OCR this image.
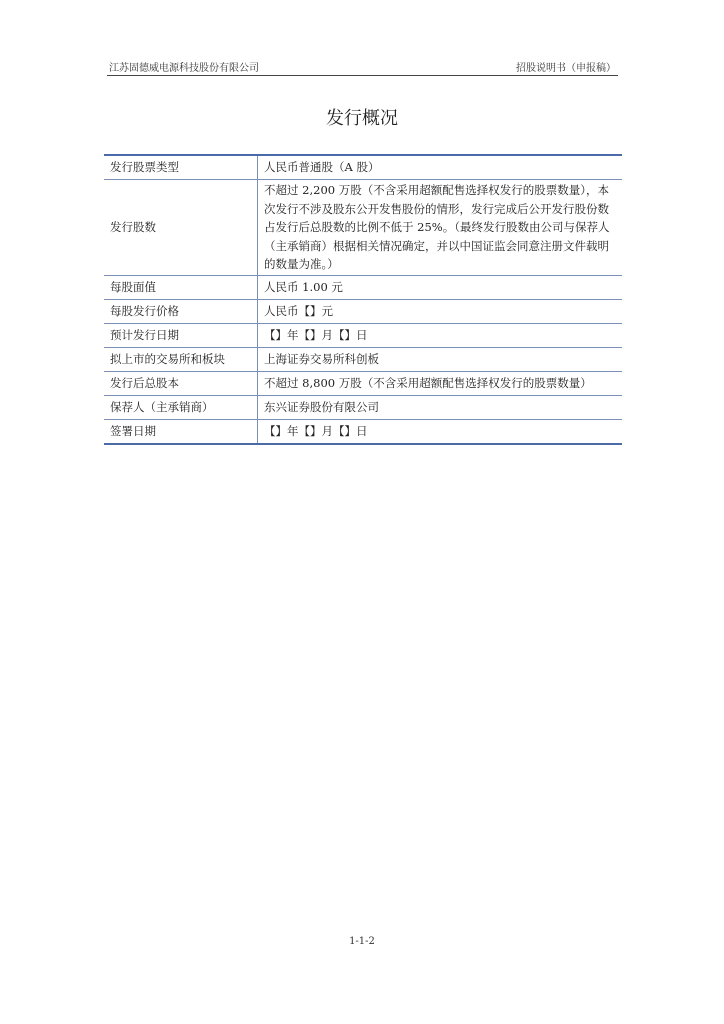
江苏固德威电源科技股份有限公司	招股说明书（申报稿）
发行概况
发行股票类型	人民币普通股（A 股）
发行股数	不超过 2,200 万股（不含采用超额配售选择权发行的股票数量），本次发行不涉及股东公开发售股份的情形，发行完成后公开发行股份数占发行后总股数的比例不低于 25%。（最终发行股数由公司与保荐人（主承销商）根据相关情况确定，并以中国证监会同意注册文件载明的数量为准。）
每股面值	人民币 1.00 元
每股发行价格	人民币【】元
预计发行日期	【】年【】月【】日
拟上市的交易所和板块	上海证券交易所科创板
发行后总股本	不超过 8,800 万股（不含采用超额配售选择权发行的股票数量）
保荐人（主承销商）	东兴证券股份有限公司
签署日期	【】年【】月【】日
1-1-2
